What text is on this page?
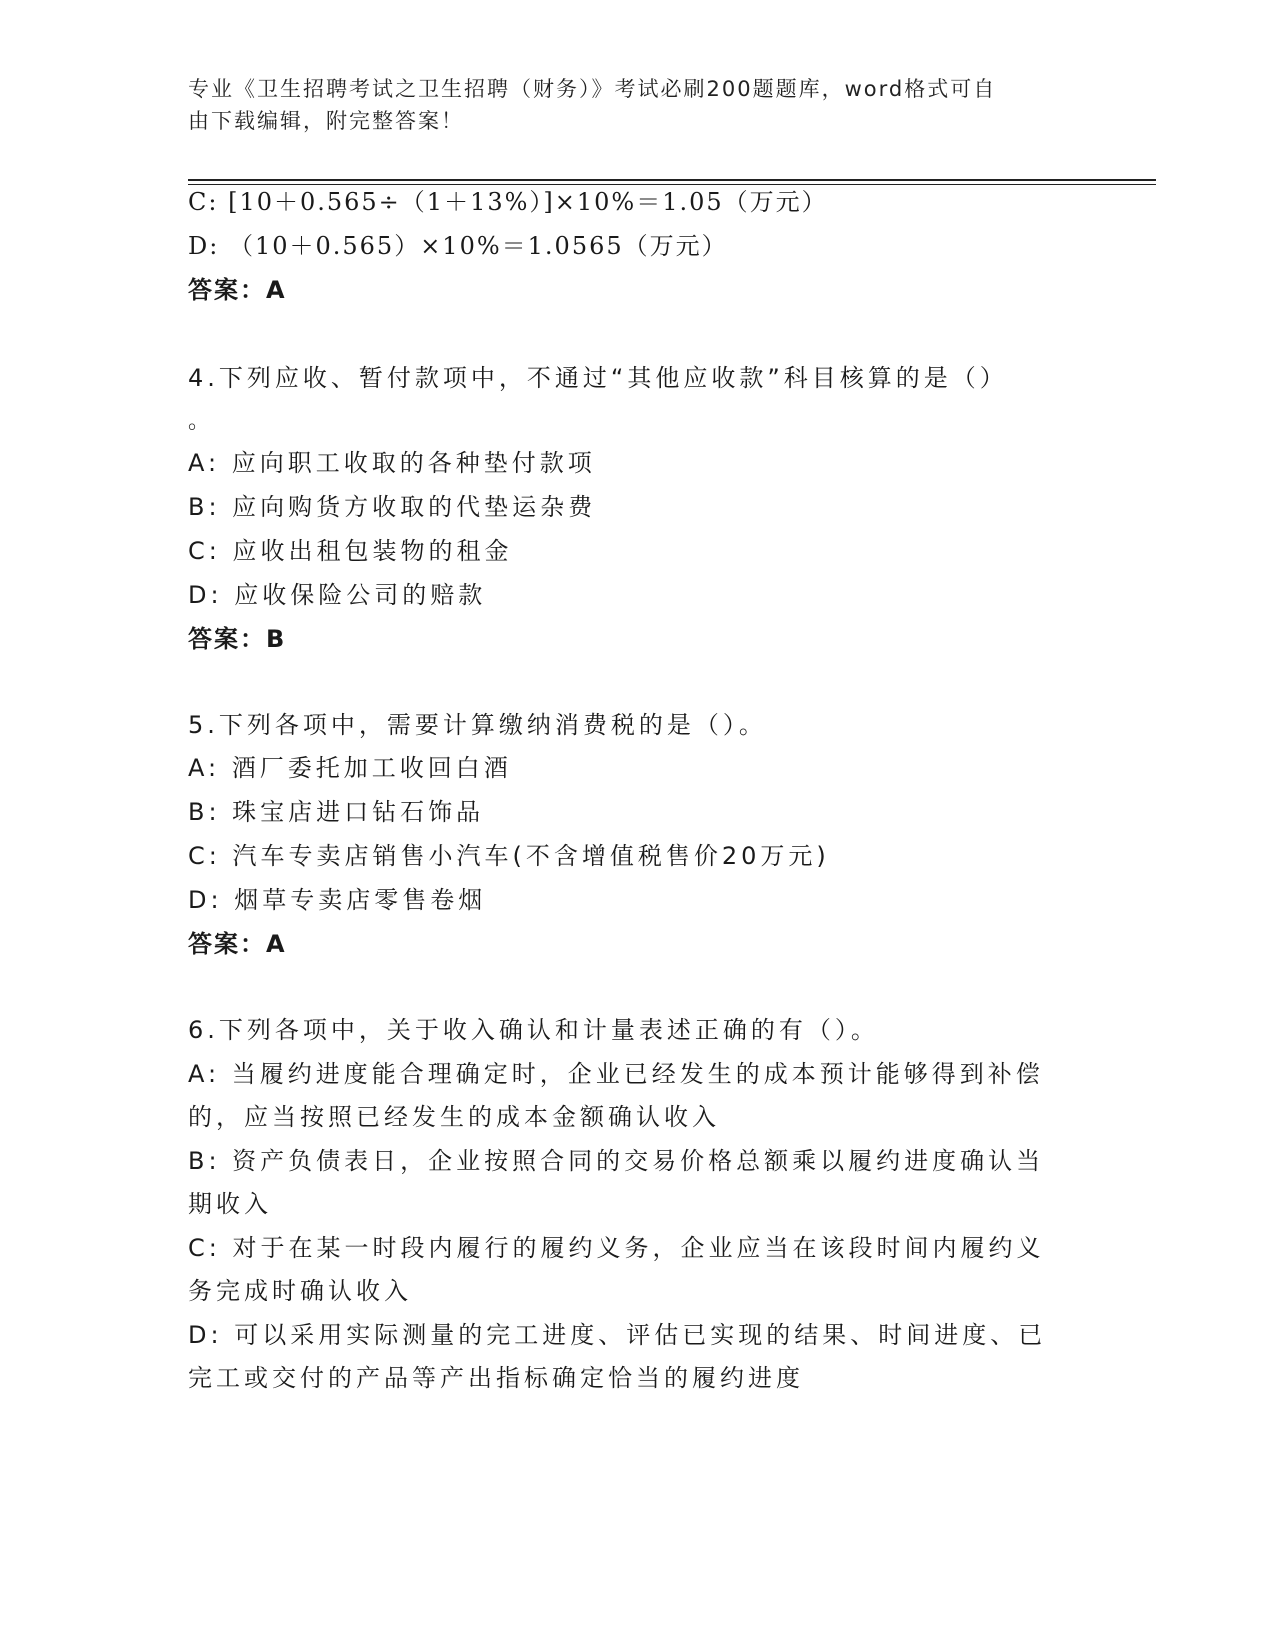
专业《卫生招聘考试之卫生招聘（财务）》考试必刷200题题库，word格式可自
由下载编辑，附完整答案！
C: [10＋0.565÷（1＋13%）]×10%＝1.05（万元）
D: （10＋0.565）×10%＝1.0565（万元）
答案：A
4.下列应收、暂付款项中，不通过“其他应收款”科目核算的是（）
。
A: 应向职工收取的各种垫付款项
B: 应向购货方收取的代垫运杂费
C: 应收出租包装物的租金
D: 应收保险公司的赔款
答案：B
5.下列各项中，需要计算缴纳消费税的是（）。
A: 酒厂委托加工收回白酒
B: 珠宝店进口钻石饰品
C: 汽车专卖店销售小汽车(不含增值税售价20万元)
D: 烟草专卖店零售卷烟
答案：A
6.下列各项中，关于收入确认和计量表述正确的有（）。
A: 当履约进度能合理确定时，企业已经发生的成本预计能够得到补偿
的，应当按照已经发生的成本金额确认收入
B: 资产负债表日，企业按照合同的交易价格总额乘以履约进度确认当
期收入
C: 对于在某一时段内履行的履约义务，企业应当在该段时间内履约义
务完成时确认收入
D: 可以采用实际测量的完工进度、评估已实现的结果、时间进度、已
完工或交付的产品等产出指标确定恰当的履约进度
